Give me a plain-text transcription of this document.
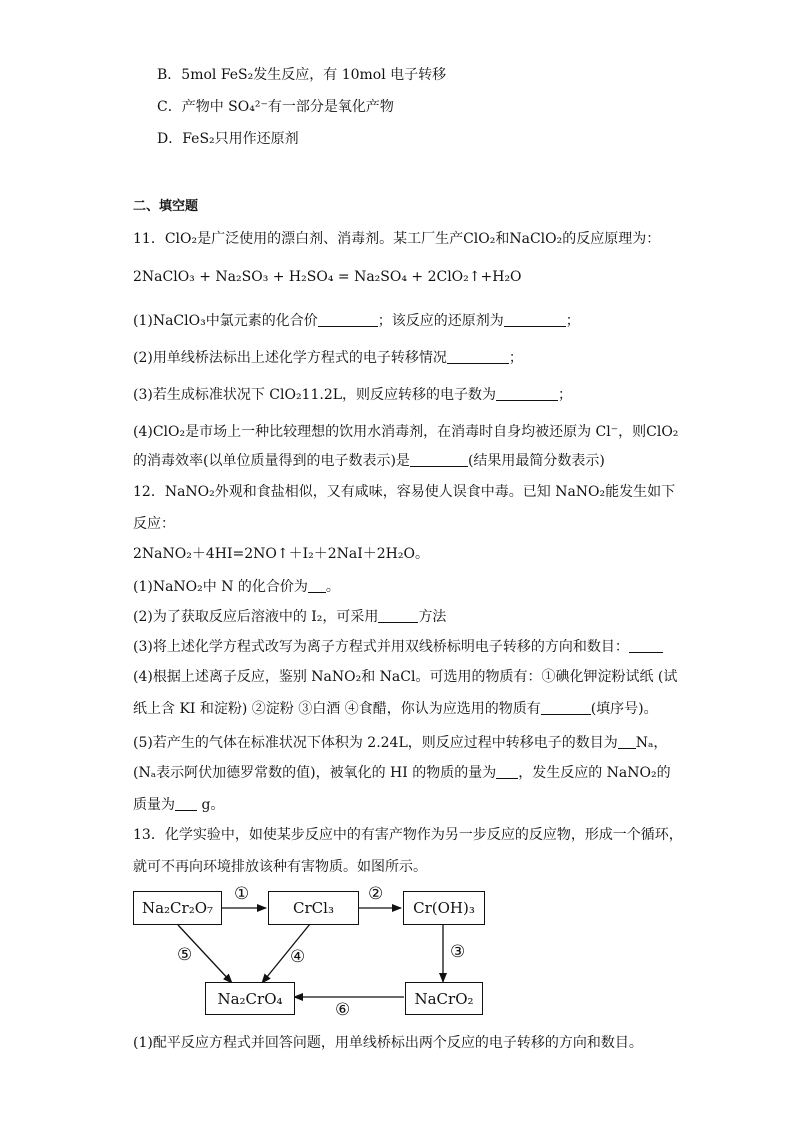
B．5mol FeS₂发生反应，有 10mol 电子转移
C．产物中 SO₄²⁻有一部分是氧化产物
D．FeS₂只用作还原剂
二、填空题
11．ClO₂是广泛使用的漂白剂、消毒剂。某工厂生产ClO₂和NaClO₂的反应原理为：
2NaClO₃ + Na₂SO₃ + H₂SO₄ = Na₂SO₄ + 2ClO₂↑+H₂O
(1)NaClO₃中氯元素的化合价	；该反应的还原剂为	；
(2)用单线桥法标出上述化学方程式的电子转移情况	；
(3)若生成标准状况下 ClO₂11.2L，则反应转移的电子数为	；
(4)ClO₂是市场上一种比较理想的饮用水消毒剂，在消毒时自身均被还原为 Cl⁻，则ClO₂
的消毒效率(以单位质量得到的电子数表示)是	(结果用最简分数表示)
12．NaNO₂外观和食盐相似，又有咸味，容易使人误食中毒。已知 NaNO₂能发生如下
反应：
2NaNO₂＋4HI=2NO↑＋I₂＋2NaI＋2H₂O。
(1)NaNO₂中 N 的化合价为 。
(2)为了获取反应后溶液中的 I₂，可采用	方法
(3)将上述化学方程式改写为离子方程式并用双线桥标明电子转移的方向和数目：
(4)根据上述离子反应，鉴别 NaNO₂和 NaCl。可选用的物质有：①碘化钾淀粉试纸 (试
纸上含 KI 和淀粉) ②淀粉 ③白酒 ④食醋，你认为应选用的物质有	(填序号)。
(5)若产生的气体在标准状况下体积为 2.24L，则反应过程中转移电子的数目为 Nₐ，
(Nₐ表示阿伏加德罗常数的值)，被氧化的 HI 的物质的量为 ，发生反应的 NaNO₂的
质量为 g。
13．化学实验中，如使某步反应中的有害产物作为另一步反应的反应物，形成一个循环，
就可不再向环境排放该种有害物质。如图所示。
Na₂Cr₂O₇	CrCl₃	Cr(OH)₃
Na₂CrO₄	NaCrO₂
①	②
③
④
⑤
⑥
(1)配平反应方程式并回答问题，用单线桥标出两个反应的电子转移的方向和数目。
